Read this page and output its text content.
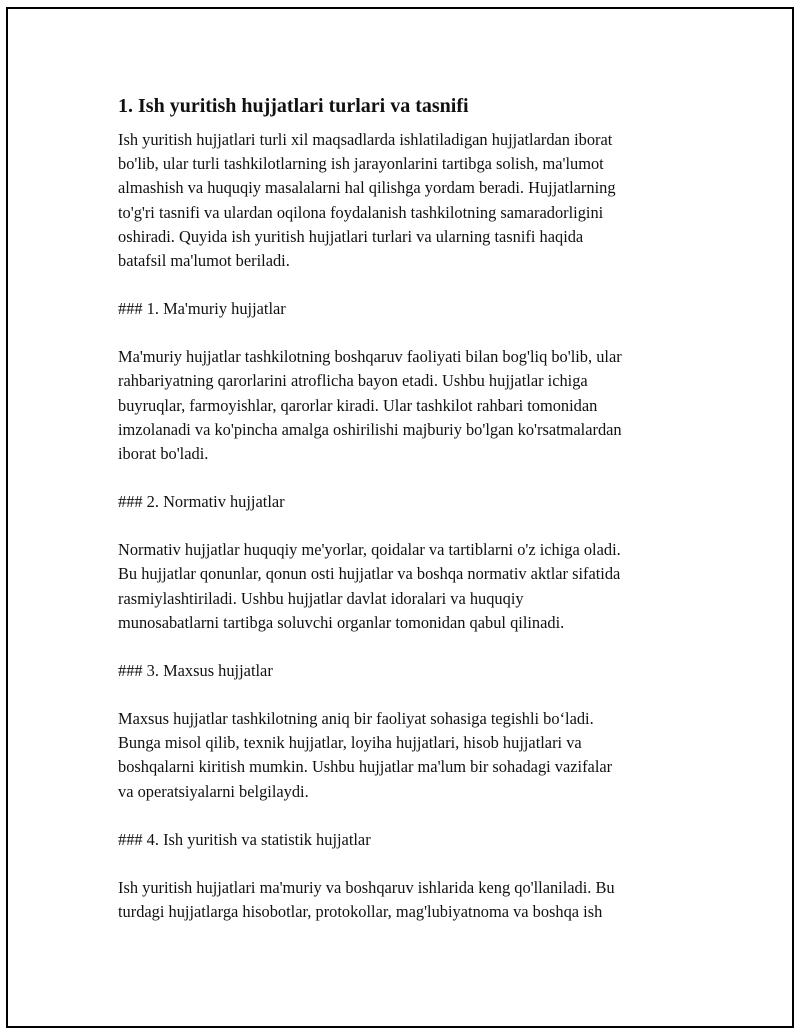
1. Ish yuritish hujjatlari turlari va tasnifi
Ish yuritish hujjatlari turli xil maqsadlarda ishlatiladigan hujjatlardan iborat
bo'lib, ular turli tashkilotlarning ish jarayonlarini tartibga solish, ma'lumot
almashish va huquqiy masalalarni hal qilishga yordam beradi. Hujjatlarning
to'g'ri tasnifi va ulardan oqilona foydalanish tashkilotning samaradorligini
oshiradi. Quyida ish yuritish hujjatlari turlari va ularning tasnifi haqida
batafsil ma'lumot beriladi.
### 1. Ma'muriy hujjatlar
Ma'muriy hujjatlar tashkilotning boshqaruv faoliyati bilan bog'liq bo'lib, ular
rahbariyatning qarorlarini atroflicha bayon etadi. Ushbu hujjatlar ichiga
buyruqlar, farmoyishlar, qarorlar kiradi. Ular tashkilot rahbari tomonidan
imzolanadi va ko'pincha amalga oshirilishi majburiy bo'lgan ko'rsatmalardan
iborat bo'ladi.
### 2. Normativ hujjatlar
Normativ hujjatlar huquqiy me'yorlar, qoidalar va tartiblarni o'z ichiga oladi.
Bu hujjatlar qonunlar, qonun osti hujjatlar va boshqa normativ aktlar sifatida
rasmiylashtiriladi. Ushbu hujjatlar davlat idoralari va huquqiy
munosabatlarni tartibga soluvchi organlar tomonidan qabul qilinadi.
### 3. Maxsus hujjatlar
Maxsus hujjatlar tashkilotning aniq bir faoliyat sohasiga tegishli bo‘ladi.
Bunga misol qilib, texnik hujjatlar, loyiha hujjatlari, hisob hujjatlari va
boshqalarni kiritish mumkin. Ushbu hujjatlar ma'lum bir sohadagi vazifalar
va operatsiyalarni belgilaydi.
### 4. Ish yuritish va statistik hujjatlar
Ish yuritish hujjatlari ma'muriy va boshqaruv ishlarida keng qo'llaniladi. Bu
turdagi hujjatlarga hisobotlar, protokollar, mag'lubiyatnoma va boshqa ish
